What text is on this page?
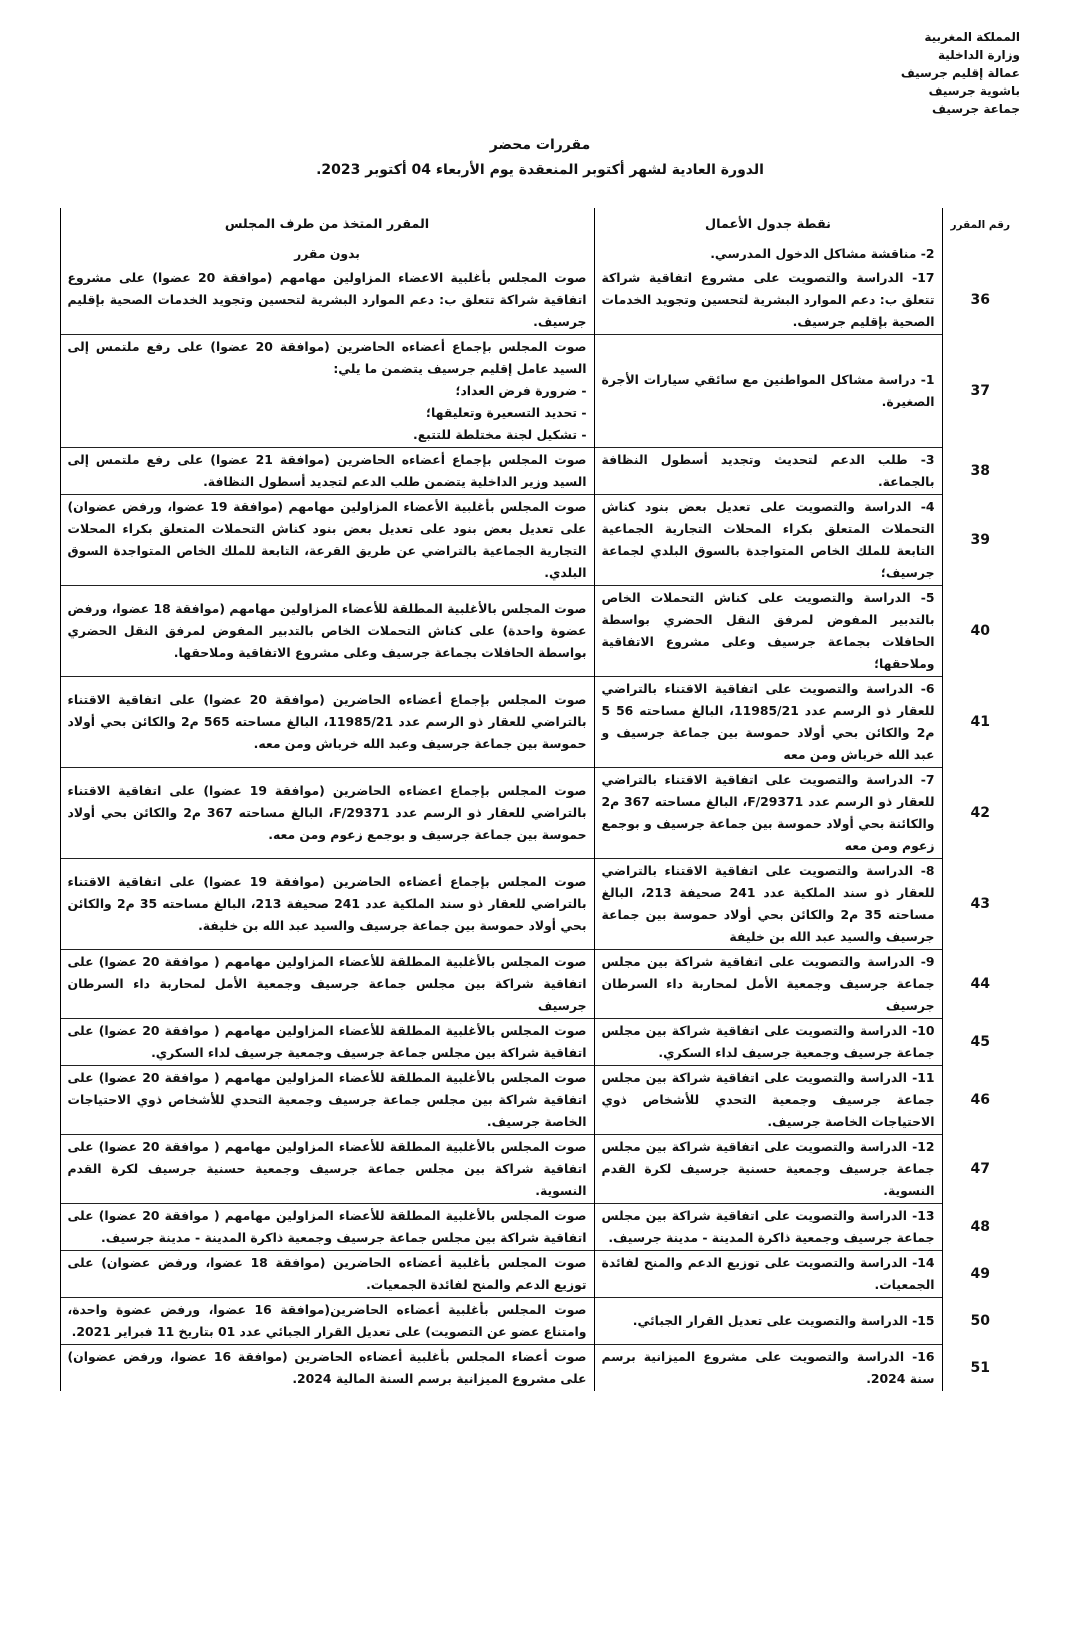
المملكة المغربية
وزارة الداخلية
عمالة إقليم جرسيف
باشوية جرسيف
جماعة جرسيف
مقررات محضر
الدورة العادية لشهر أكتوبر المنعقدة يوم الأربعاء 04 أكتوبر 2023.
رقم المقرر	نقطة جدول الأعمال	المقرر المتخذ من طرف المجلس
	2- مناقشة مشاكل الدخول المدرسي.	بدون مقرر
36	17- الدراسة والتصويت على مشروع اتفاقية شراكة تتعلق ب: دعم الموارد البشرية لتحسين وتجويد الخدمات الصحية بإقليم جرسيف.	صوت المجلس بأغلبية الاعضاء المزاولين مهامهم (موافقة 20 عضوا) على مشروع اتفاقية شراكة تتعلق ب: دعم الموارد البشرية لتحسين وتجويد الخدمات الصحية بإقليم جرسيف.
37	1- دراسة مشاكل المواطنين مع سائقي سيارات الأجرة الصغيرة.	صوت المجلس بإجماع أعضاءه الحاضرين (موافقة 20 عضوا) على رفع ملتمس إلى السيد عامل إقليم جرسيف يتضمن ما يلي:
- ضرورة فرض العداد؛
- تحديد التسعيرة وتعليقها؛
- تشكيل لجنة مختلطة للتتبع.
38	3- طلب الدعم لتحديث وتجديد أسطول النظافة بالجماعة.	صوت المجلس بإجماع أعضاءه الحاضرين (موافقة 21 عضوا) على رفع ملتمس إلى السيد وزير الداخلية يتضمن طلب الدعم لتجديد أسطول النظافة.
39	4- الدراسة والتصويت على تعديل بعض بنود كناش التحملات المتعلق بكراء المحلات التجارية الجماعية التابعة للملك الخاص المتواجدة بالسوق البلدي لجماعة جرسيف؛	صوت المجلس بأغلبية الأعضاء المزاولين مهامهم (موافقة 19 عضوا، ورفض عضوان) على تعديل بعض بنود على تعديل بعض بنود كناش التحملات المتعلق بكراء المحلات التجارية الجماعية بالتراضي عن طريق القرعة، التابعة للملك الخاص المتواجدة السوق البلدي.
40	5- الدراسة والتصويت على كناش التحملات الخاص بالتدبير المفوض لمرفق النقل الحضري بواسطة الحافلات بجماعة جرسيف وعلى مشروع الاتفاقية وملاحقها؛	صوت المجلس بالأغلبية المطلقة للأعضاء المزاولين مهامهم (موافقة 18 عضوا، ورفض عضوة واحدة) على كناش التحملات الخاص بالتدبير المفوض لمرفق النقل الحضري بواسطة الحافلات بجماعة جرسيف وعلى مشروع الاتفاقية وملاحقها.
41	6- الدراسة والتصويت على اتفاقية الاقتناء بالتراضي للعقار ذو الرسم عدد 11985/21، البالغ مساحته 56 5 م2 والكائن بحي أولاد حموسة بين جماعة جرسيف و عبد الله خرباش ومن معه	صوت المجلس بإجماع أعضاءه الحاضرين (موافقة 20 عضوا) على اتفاقية الاقتناء بالتراضي للعقار ذو الرسم عدد 11985/21، البالغ مساحته 565 م2 والكائن بحي أولاد حموسة بين جماعة جرسيف وعبد الله خرباش ومن معه.
42	7- الدراسة والتصويت على اتفاقية الاقتناء بالتراضي للعقار ذو الرسم عدد F/29371، البالغ مساحته 367 م2 والكائنة بحي أولاد حموسة بين جماعة جرسيف و بوجمع زعوم ومن معه	صوت المجلس بإجماع اعضاءه الحاضرين (موافقة 19 عضوا) على اتفاقية الاقتناء بالتراضي للعقار ذو الرسم عدد F/29371، البالغ مساحته 367 م2 والكائن بحي أولاد حموسة بين جماعة جرسيف و بوجمع زعوم ومن معه.
43	8- الدراسة والتصويت على اتفاقية الاقتناء بالتراضي للعقار ذو سند الملكية عدد 241 صحيفة 213، البالغ مساحته 35 م2 والكائن بحي أولاد حموسة بين جماعة جرسيف والسيد عبد الله بن خليفة	صوت المجلس بإجماع أعضاءه الحاضرين (موافقة 19 عضوا) على اتفاقية الاقتناء بالتراضي للعقار ذو سند الملكية عدد 241 صحيفة 213، البالغ مساحته 35 م2 والكائن بحي أولاد حموسة بين جماعة جرسيف والسيد عبد الله بن خليفة.
44	9- الدراسة والتصويت على اتفاقية شراكة بين مجلس جماعة جرسيف وجمعية الأمل لمحاربة داء السرطان جرسيف	صوت المجلس بالأغلبية المطلقة للأعضاء المزاولين مهامهم ( موافقة 20 عضوا) على اتفاقية شراكة بين مجلس جماعة جرسيف وجمعية الأمل لمحاربة داء السرطان جرسيف
45	10- الدراسة والتصويت على اتفاقية شراكة بين مجلس جماعة جرسيف وجمعية جرسيف لداء السكري.	صوت المجلس بالأغلبية المطلقة للأعضاء المزاولين مهامهم ( موافقة 20 عضوا) على اتفاقية شراكة بين مجلس جماعة جرسيف وجمعية جرسيف لداء السكري.
46	11- الدراسة والتصويت على اتفاقية شراكة بين مجلس جماعة جرسيف وجمعية التحدي للأشخاص ذوي الاحتياجات الخاصة جرسيف.	صوت المجلس بالأغلبية المطلقة للأعضاء المزاولين مهامهم ( موافقة 20 عضوا) على اتفاقية شراكة بين مجلس جماعة جرسيف وجمعية التحدي للأشخاص ذوي الاحتياجات الخاصة جرسيف.
47	12- الدراسة والتصويت على اتفاقية شراكة بين مجلس جماعة جرسيف وجمعية حسنية جرسيف لكرة القدم النسوية.	صوت المجلس بالأغلبية المطلقة للأعضاء المزاولين مهامهم ( موافقة 20 عضوا) على اتفاقية شراكة بين مجلس جماعة جرسيف وجمعية حسنية جرسيف لكرة القدم النسوية.
48	13- الدراسة والتصويت على اتفاقية شراكة بين مجلس جماعة جرسيف وجمعية ذاكرة المدينة - مدينة جرسيف.	صوت المجلس بالأغلبية المطلقة للأعضاء المزاولين مهامهم ( موافقة 20 عضوا) على اتفاقية شراكة بين مجلس جماعة جرسيف وجمعية ذاكرة المدينة - مدينة جرسيف.
49	14- الدراسة والتصويت على توزيع الدعم والمنح لفائدة الجمعيات.	صوت المجلس بأغلبية أعضاءه الحاضرين (موافقة 18 عضوا، ورفض عضوان) على توزيع الدعم والمنح لفائدة الجمعيات.
50	15- الدراسة والتصويت على تعديل القرار الجبائي.	صوت المجلس بأغلبية أعضاءه الحاضرين(موافقة 16 عضوا، ورفض عضوة واحدة، وامتناع عضو عن التصويت) على تعديل القرار الجبائي عدد 01 بتاريخ 11 فبراير 2021.
51	16- الدراسة والتصويت على مشروع الميزانية برسم سنة 2024.	صوت أعضاء المجلس بأغلبية أعضاءه الحاضرين (موافقة 16 عضوا، ورفض عضوان) على مشروع الميزانية برسم السنة المالية 2024.
